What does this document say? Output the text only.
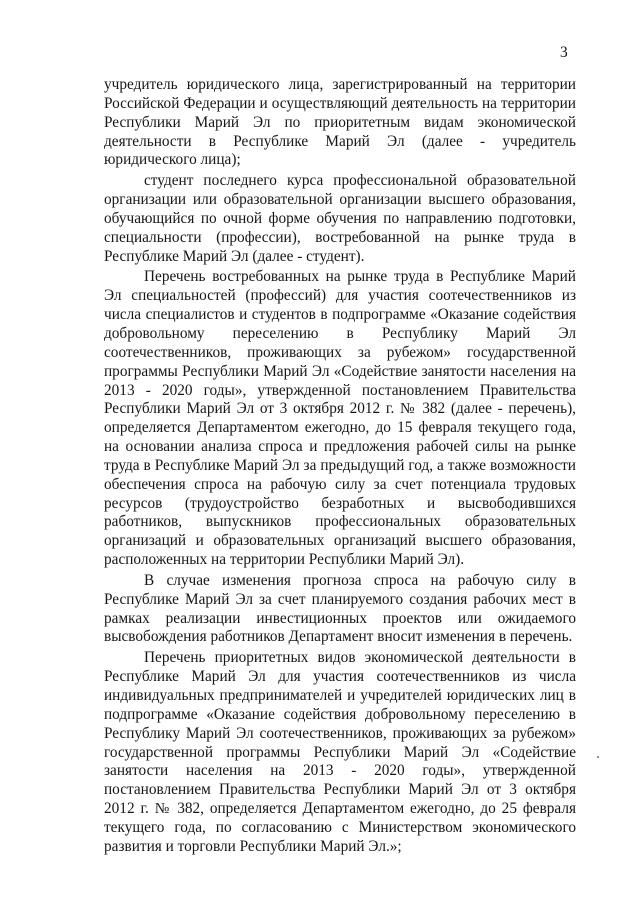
3

учредитель юридического лица, зарегистрированный на территории Российской Федерации и осуществляющий деятельность на территории Республики Марий Эл по приоритетным видам экономической деятельности в Республике Марий Эл (далее - учредитель юридического лица);

студент последнего курса профессиональной образовательной организации или образовательной организации высшего образования, обучающийся по очной форме обучения по направлению подготовки, специальности (профессии), востребованной на рынке труда в Республике Марий Эл (далее - студент).

Перечень востребованных на рынке труда в Республике Марий Эл специальностей (профессий) для участия соотечественников из числа специалистов и студентов в подпрограмме «Оказание содействия добровольному переселению в Республику Марий Эл соотечественников, проживающих за рубежом» государственной программы Республики Марий Эл «Содействие занятости населения на 2013 - 2020 годы», утвержденной постановлением Правительства Республики Марий Эл от 3 октября 2012 г. № 382 (далее - перечень), определяется Департаментом ежегодно, до 15 февраля текущего года, на основании анализа спроса и предложения рабочей силы на рынке труда в Республике Марий Эл за предыдущий год, а также возможности обеспечения спроса на рабочую силу за счет потенциала трудовых ресурсов (трудоустройство безработных и высвободившихся работников, выпускников профессиональных образовательных организаций и образовательных организаций высшего образования, расположенных на территории Республики Марий Эл).

В случае изменения прогноза спроса на рабочую силу в Республике Марий Эл за счет планируемого создания рабочих мест в рамках реализации инвестиционных проектов или ожидаемого высвобождения работников Департамент вносит изменения в перечень.

Перечень приоритетных видов экономической деятельности в Республике Марий Эл для участия соотечественников из числа индивидуальных предпринимателей и учредителей юридических лиц в подпрограмме «Оказание содействия добровольному переселению в Республику Марий Эл соотечественников, проживающих за рубежом» государственной программы Республики Марий Эл «Содействие занятости населения на 2013 - 2020 годы», утвержденной постановлением Правительства Республики Марий Эл от 3 октября 2012 г. № 382, определяется Департаментом ежегодно, до 25 февраля текущего года, по согласованию с Министерством экономического развития и торговли Республики Марий Эл.»;
